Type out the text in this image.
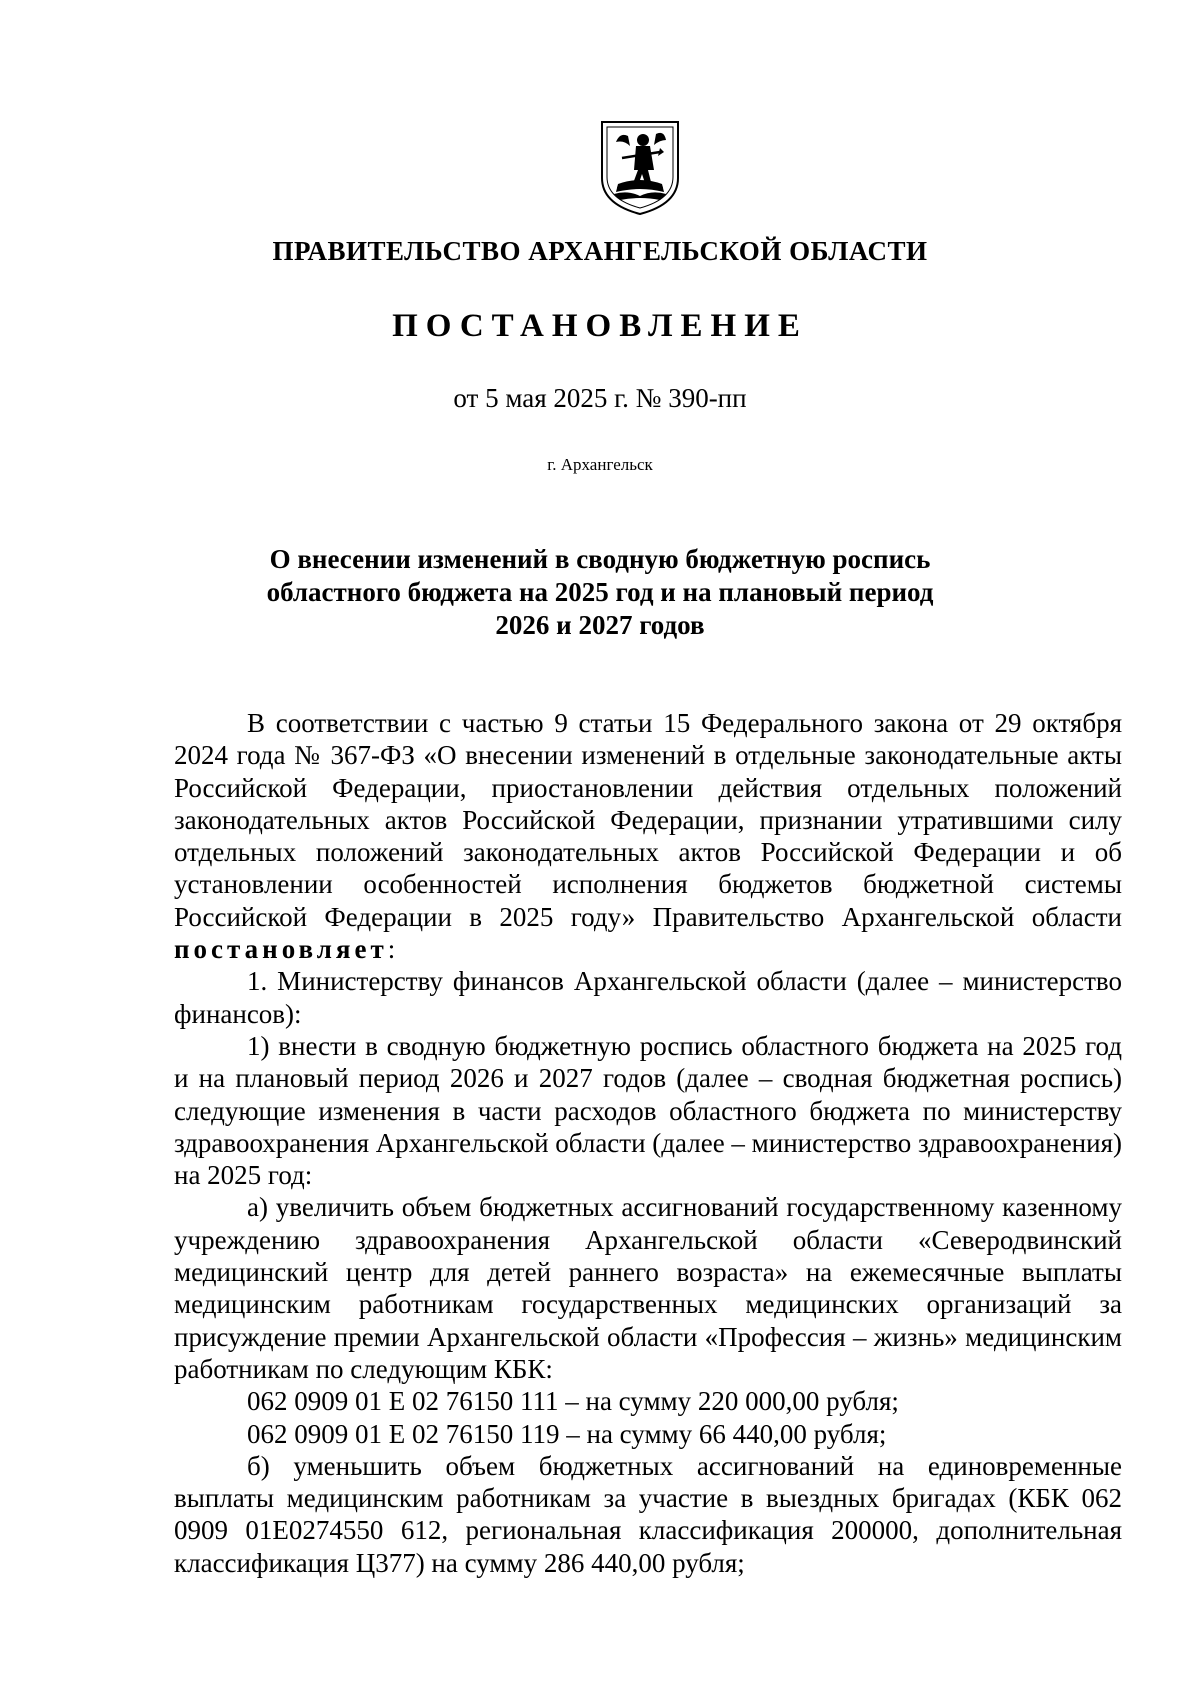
ПРАВИТЕЛЬСТВО АРХАНГЕЛЬСКОЙ ОБЛАСТИ
ПОСТАНОВЛЕНИЕ
от 5 мая 2025 г. № 390-пп
г. Архангельск
О внесении изменений в сводную бюджетную роспись
областного бюджета на 2025 год и на плановый период
2026 и 2027 годов

В соответствии с частью 9 статьи 15 Федерального закона от 29 октября 2024 года № 367-ФЗ «О внесении изменений в отдельные законодательные акты Российской Федерации, приостановлении действия отдельных положений законодательных актов Российской Федерации, признании утратившими силу отдельных положений законодательных актов Российской Федерации и об установлении особенностей исполнения бюджетов бюджетной системы Российской Федерации в 2025 году» Правительство Архангельской области постановляет:

1. Министерству финансов Архангельской области (далее – министерство финансов):

1) внести в сводную бюджетную роспись областного бюджета на 2025 год и на плановый период 2026 и 2027 годов (далее – сводная бюджетная роспись) следующие изменения в части расходов областного бюджета по министерству здравоохранения Архангельской области (далее – министерство здравоохранения) на 2025 год:

а) увеличить объем бюджетных ассигнований государственному казенному учреждению здравоохранения Архангельской области «Северодвинский медицинский центр для детей раннего возраста» на ежемесячные выплаты медицинским работникам государственных медицинских организаций за присуждение премии Архангельской области «Профессия – жизнь» медицинским работникам по следующим КБК:

062 0909 01 Е 02 76150 111 – на сумму 220 000,00 рубля;

062 0909 01 Е 02 76150 119 – на сумму 66 440,00 рубля;

б) уменьшить объем бюджетных ассигнований на единовременные выплаты медицинским работникам за участие в выездных бригадах (КБК 062 0909 01Е0274550 612, региональная классификация 200000, дополнительная классификация Ц377) на сумму 286 440,00 рубля;
